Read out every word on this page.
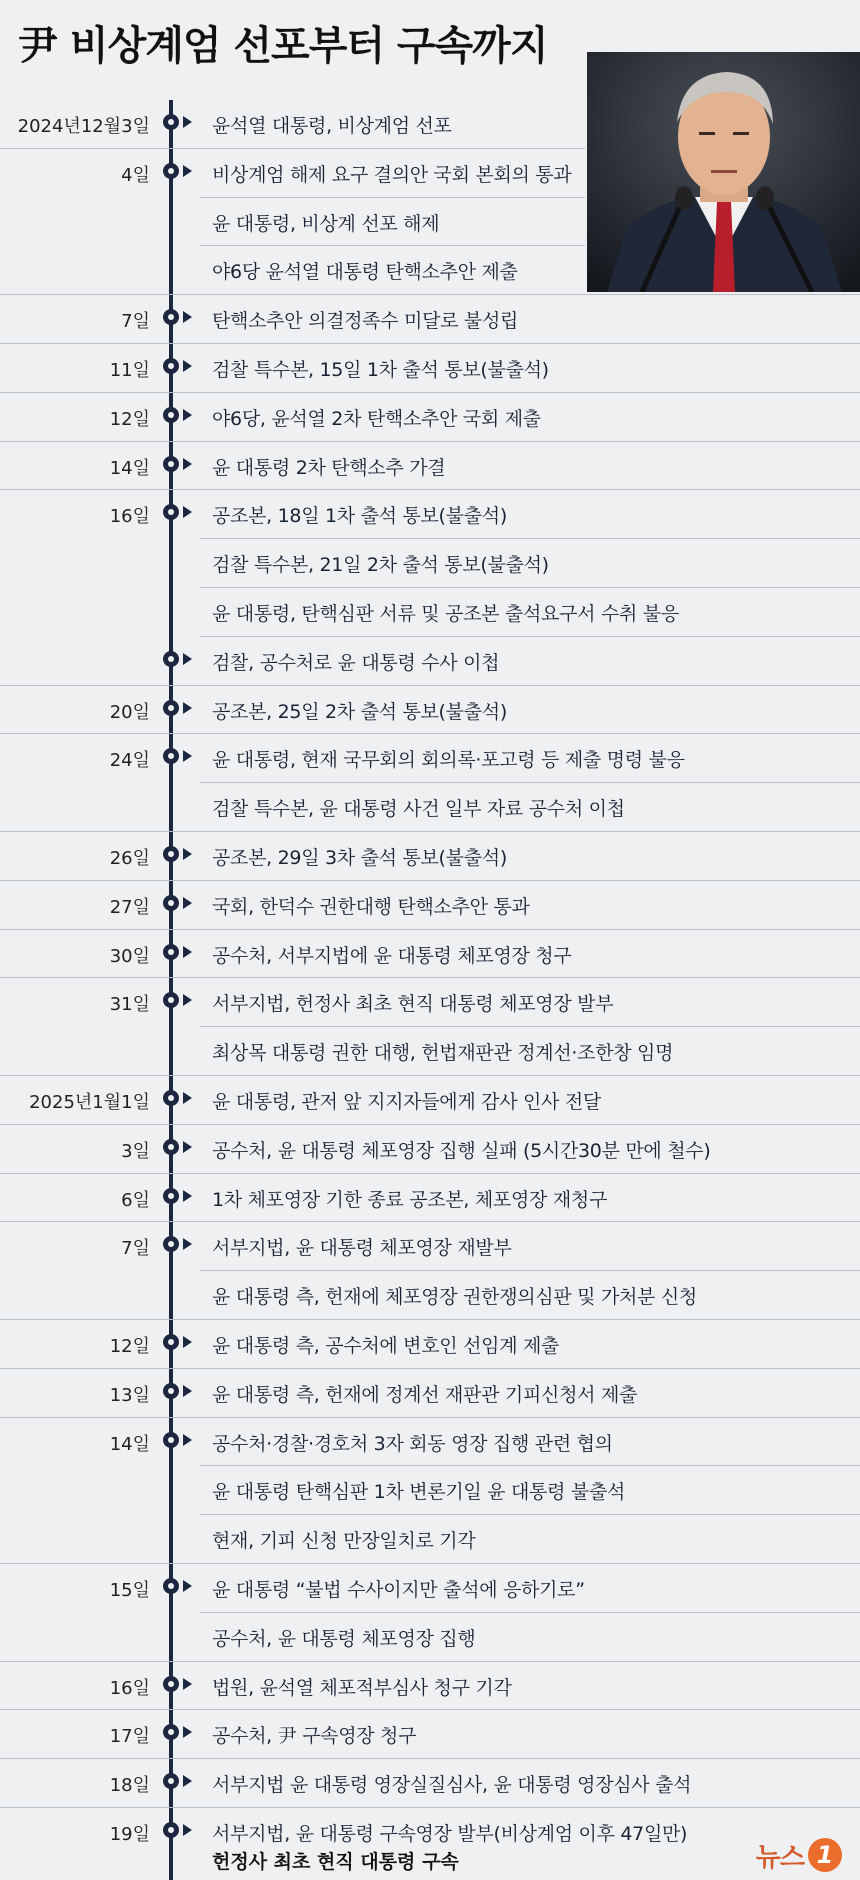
尹 비상계엄 선포부터 구속까지
2024년12월3일	윤석열 대통령, 비상계엄 선포
4일	비상계엄 해제 요구 결의안 국회 본회의 통과
윤 대통령, 비상계 선포 해제
야6당 윤석열 대통령 탄핵소추안 제출
7일	탄핵소추안 의결정족수 미달로 불성립
11일	검찰 특수본, 15일 1차 출석 통보(불출석)
12일	야6당, 윤석열 2차 탄핵소추안 국회 제출
14일	윤 대통령 2차 탄핵소추 가결
16일	공조본, 18일 1차 출석 통보(불출석)
검찰 특수본, 21일 2차 출석 통보(불출석)
윤 대통령, 탄핵심판 서류 및 공조본 출석요구서 수취 불응
검찰, 공수처로 윤 대통령 수사 이첩
20일	공조본, 25일 2차 출석 통보(불출석)
24일	윤 대통령, 현재 국무회의 회의록·포고령 등 제출 명령 불응
검찰 특수본, 윤 대통령 사건 일부 자료 공수처 이첩
26일	공조본, 29일 3차 출석 통보(불출석)
27일	국회, 한덕수 권한대행 탄핵소추안 통과
30일	공수처, 서부지법에 윤 대통령 체포영장 청구
31일	서부지법, 헌정사 최초 현직 대통령 체포영장 발부
최상목 대통령 권한 대행, 헌법재판관 정계선·조한창 임명
2025년1월1일	윤 대통령, 관저 앞 지지자들에게 감사 인사 전달
3일	공수처, 윤 대통령 체포영장 집행 실패 (5시간30분 만에 철수)
6일	1차 체포영장 기한 종료 공조본, 체포영장 재청구
7일	서부지법, 윤 대통령 체포영장 재발부
윤 대통령 측, 헌재에 체포영장 권한쟁의심판 및 가처분 신청
12일	윤 대통령 측, 공수처에 변호인 선임계 제출
13일	윤 대통령 측, 헌재에 정계선 재판관 기피신청서 제출
14일	공수처·경찰·경호처 3자 회동 영장 집행 관련 협의
윤 대통령 탄핵심판 1차 변론기일 윤 대통령 불출석
현재, 기피 신청 만장일치로 기각
15일	윤 대통령 “불법 수사이지만 출석에 응하기로”
공수처, 윤 대통령 체포영장 집행
16일	법원, 윤석열 체포적부심사 청구 기각
17일	공수처, 尹 구속영장 청구
18일	서부지법 윤 대통령 영장실질심사, 윤 대통령 영장심사 출석
19일	서부지법, 윤 대통령 구속영장 발부(비상계엄 이후 47일만)
헌정사 최초 현직 대통령 구속	뉴스 1
